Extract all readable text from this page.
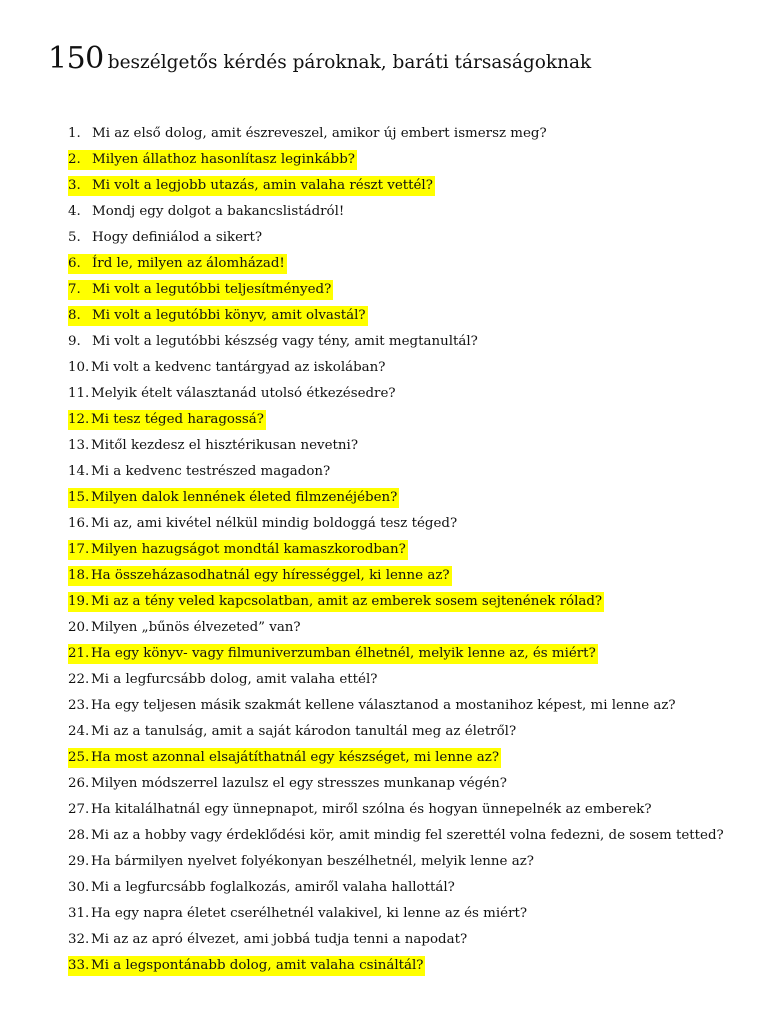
150 beszélgetős kérdés pároknak, baráti társaságoknak
1. Mi az első dolog, amit észreveszel, amikor új embert ismersz meg?
2. Milyen állathoz hasonlítasz leginkább?
3. Mi volt a legjobb utazás, amin valaha részt vettél?
4. Mondj egy dolgot a bakancslistádról!
5. Hogy definiálod a sikert?
6. Írd le, milyen az álomházad!
7. Mi volt a legutóbbi teljesítményed?
8. Mi volt a legutóbbi könyv, amit olvastál?
9. Mi volt a legutóbbi készség vagy tény, amit megtanultál?
10. Mi volt a kedvenc tantárgyad az iskolában?
11. Melyik ételt választanád utolsó étkezésedre?
12. Mi tesz téged haragossá?
13. Mitől kezdesz el hisztérikusan nevetni?
14. Mi a kedvenc testrészed magadon?
15. Milyen dalok lennének életed filmzenéjében?
16. Mi az, ami kivétel nélkül mindig boldoggá tesz téged?
17. Milyen hazugságot mondtál kamaszkorodban?
18. Ha összeházasodhatnál egy hírességgel, ki lenne az?
19. Mi az a tény veled kapcsolatban, amit az emberek sosem sejtenének rólad?
20. Milyen „bűnös élvezeted” van?
21. Ha egy könyv- vagy filmuniverzumban élhetnél, melyik lenne az, és miért?
22. Mi a legfurcsább dolog, amit valaha ettél?
23. Ha egy teljesen másik szakmát kellene választanod a mostanihoz képest, mi lenne az?
24. Mi az a tanulság, amit a saját károdon tanultál meg az életről?
25. Ha most azonnal elsajátíthatnál egy készséget, mi lenne az?
26. Milyen módszerrel lazulsz el egy stresszes munkanap végén?
27. Ha kitalálhatnál egy ünnepnapot, miről szólna és hogyan ünnepelnék az emberek?
28. Mi az a hobby vagy érdeklődési kör, amit mindig fel szerettél volna fedezni, de sosem tetted?
29. Ha bármilyen nyelvet folyékonyan beszélhetnél, melyik lenne az?
30. Mi a legfurcsább foglalkozás, amiről valaha hallottál?
31. Ha egy napra életet cserélhetnél valakivel, ki lenne az és miért?
32. Mi az az apró élvezet, ami jobbá tudja tenni a napodat?
33. Mi a legspontánabb dolog, amit valaha csináltál?
